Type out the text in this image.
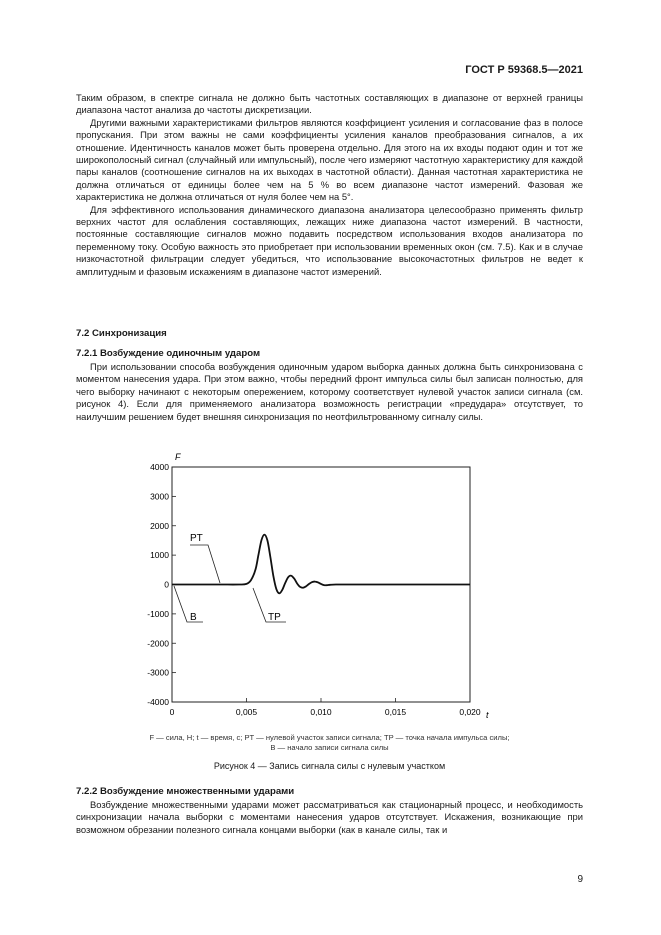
ГОСТ Р 59368.5—2021

Таким образом, в спектре сигнала не должно быть частотных составляющих в диапазоне от верхней границы диапазона частот анализа до частоты дискретизации.

Другими важными характеристиками фильтров являются коэффициент усиления и согласование фаз в полосе пропускания. При этом важны не сами коэффициенты усиления каналов преобразования сигналов, а их отношение. Идентичность каналов может быть проверена отдельно. Для этого на их входы подают один и тот же широкополосный сигнал (случайный или импульсный), после чего измеряют частотную характеристику для каждой пары каналов (соотношение сигналов на их выходах в частотной области). Данная частотная характеристика не должна отличаться от единицы более чем на 5 % во всем диапазоне частот измерений. Фазовая же характеристика не должна отличаться от нуля более чем на 5°.

Для эффективного использования динамического диапазона анализатора целесообразно применять фильтр верхних частот для ослабления составляющих, лежащих ниже диапазона частот измерений. В частности, постоянные составляющие сигналов можно подавить посредством использования входов анализатора по переменному току. Особую важность это приобретает при использовании временных окон (см. 7.5). Как и в случае низкочастотной фильтрации следует убедиться, что использование высокочастотных фильтров не ведет к амплитудным и фазовым искажениям в диапазоне частот измерений.

7.2 Синхронизация
7.2.1 Возбуждение одиночным ударом
При использовании способа возбуждения одиночным ударом выборка данных должна быть синхронизована с моментом нанесения удара. При этом важно, чтобы передний фронт импульса силы был записан полностью, для чего выборку начинают с некоторым опережением, которому соответствует нулевой участок записи сигнала (см. рисунок 4). Если для применяемого анализатора возможность регистрации «предудара» отсутствует, то наилучшим решением будет внешняя синхронизация по неотфильтрованному сигналу силы.
4000
3000
2000
1000
0
-1000
-2000
-3000
-4000
0	0,005	0,010	0,015	0,020
F
t
PT
TP
B
F — сила, Н; t — время, с; PT — нулевой участок записи сигнала; TP — точка начала импульса силы;
B — начало записи сигнала силы
Рисунок 4 — Запись сигнала силы с нулевым участком
7.2.2 Возбуждение множественными ударами
Возбуждение множественными ударами может рассматриваться как стационарный процесс, и необходимость синхронизации начала выборки с моментами нанесения ударов отсутствует. Искажения, возникающие при возможном обрезании полезного сигнала концами выборки (как в канале силы, так и
9
